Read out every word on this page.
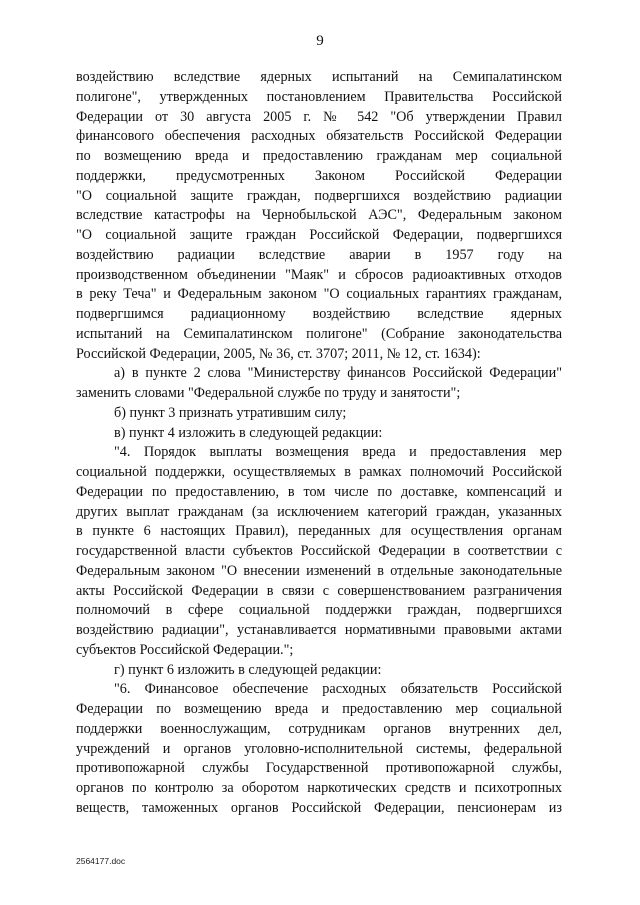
9

воздействию вследствие ядерных испытаний на Семипалатинском

полигоне", утвержденных постановлением Правительства Российской

Федерации от 30 августа 2005 г. № 542 "Об утверждении Правил

финансового обеспечения расходных обязательств Российской Федерации

по возмещению вреда и предоставлению гражданам мер социальной

поддержки, предусмотренных Законом Российской Федерации

"О социальной защите граждан, подвергшихся воздействию радиации

вследствие катастрофы на Чернобыльской АЭС", Федеральным законом

"О социальной защите граждан Российской Федерации, подвергшихся

воздействию радиации вследствие аварии в 1957 году на

производственном объединении "Маяк" и сбросов радиоактивных отходов

в реку Теча" и Федеральным законом "О социальных гарантиях гражданам,

подвергшимся радиационному воздействию вследствие ядерных

испытаний на Семипалатинском полигоне" (Собрание законодательства

Российской Федерации, 2005, № 36, ст. 3707; 2011, № 12, ст. 1634):

а) в пункте 2 слова "Министерству финансов Российской Федерации"

заменить словами "Федеральной службе по труду и занятости";

б) пункт 3 признать утратившим силу;

в) пункт 4 изложить в следующей редакции:

"4. Порядок выплаты возмещения вреда и предоставления мер

социальной поддержки, осуществляемых в рамках полномочий Российской

Федерации по предоставлению, в том числе по доставке, компенсаций и

других выплат гражданам (за исключением категорий граждан, указанных

в пункте 6 настоящих Правил), переданных для осуществления органам

государственной власти субъектов Российской Федерации в соответствии с

Федеральным законом "О внесении изменений в отдельные законодательные

акты Российской Федерации в связи с совершенствованием разграничения

полномочий в сфере социальной поддержки граждан, подвергшихся

воздействию радиации", устанавливается нормативными правовыми актами

субъектов Российской Федерации.";

г) пункт 6 изложить в следующей редакции:

"6. Финансовое обеспечение расходных обязательств Российской

Федерации по возмещению вреда и предоставлению мер социальной

поддержки военнослужащим, сотрудникам органов внутренних дел,

учреждений и органов уголовно-исполнительной системы, федеральной

противопожарной службы Государственной противопожарной службы,

органов по контролю за оборотом наркотических средств и психотропных

веществ, таможенных органов Российской Федерации, пенсионерам из

2564177.doc
